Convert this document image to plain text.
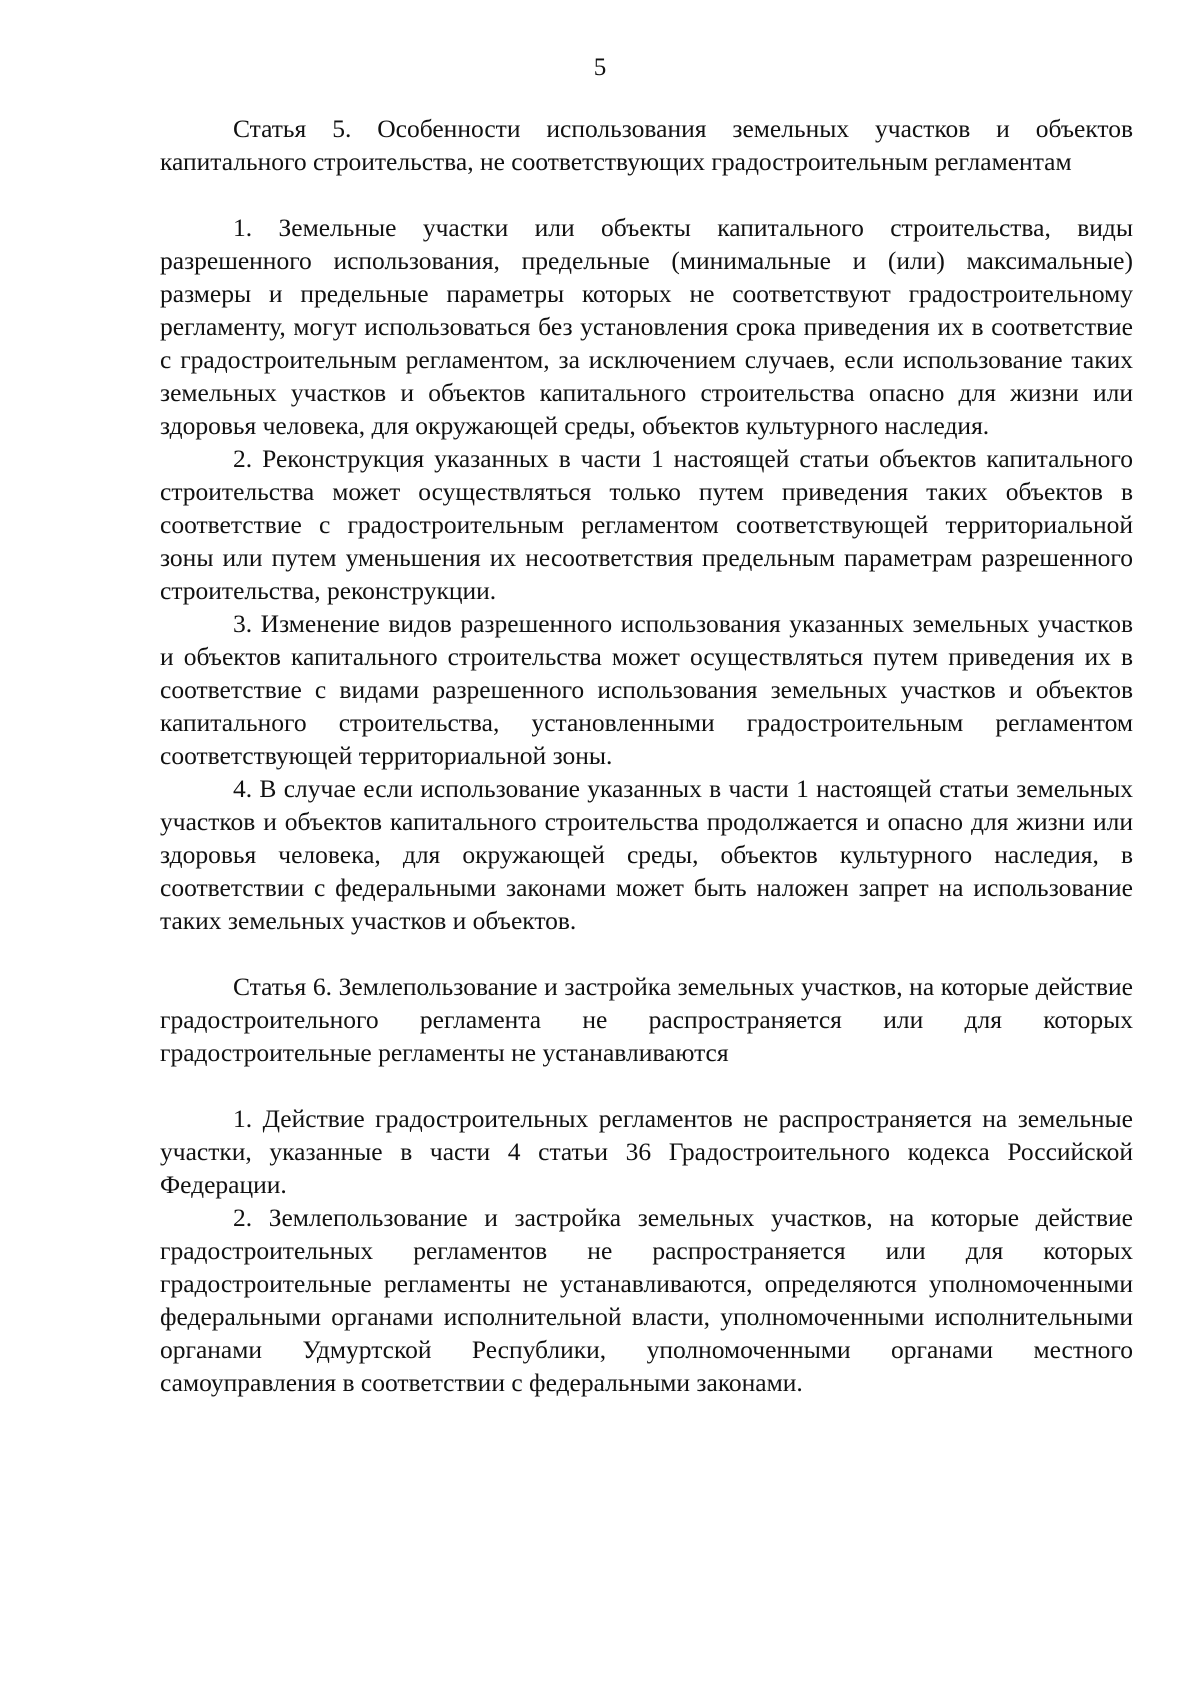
5

Статья 5. Особенности использования земельных участков и объектов капитального строительства, не соответствующих градостроительным регламентам

1. Земельные участки или объекты капитального строительства, виды разрешенного использования, предельные (минимальные и (или) максимальные) размеры и предельные параметры которых не соответствуют градостроительному регламенту, могут использоваться без установления срока приведения их в соответствие с градостроительным регламентом, за исключением случаев, если использование таких земельных участков и объектов капитального строительства опасно для жизни или здоровья человека, для окружающей среды, объектов культурного наследия.

2. Реконструкция указанных в части 1 настоящей статьи объектов капитального строительства может осуществляться только путем приведения таких объектов в соответствие с градостроительным регламентом соответствующей территориальной зоны или путем уменьшения их несоответствия предельным параметрам разрешенного строительства, реконструкции.

3. Изменение видов разрешенного использования указанных земельных участков и объектов капитального строительства может осуществляться путем приведения их в соответствие с видами разрешенного использования земельных участков и объектов капитального строительства, установленными градостроительным регламентом соответствующей территориальной зоны.

4. В случае если использование указанных в части 1 настоящей статьи земельных участков и объектов капитального строительства продолжается и опасно для жизни или здоровья человека, для окружающей среды, объектов культурного наследия, в соответствии с федеральными законами может быть наложен запрет на использование таких земельных участков и объектов.

Статья 6. Землепользование и застройка земельных участков, на которые действие градостроительного регламента не распространяется или для которых градостроительные регламенты не устанавливаются

1. Действие градостроительных регламентов не распространяется на земельные участки, указанные в части 4 статьи 36 Градостроительного кодекса Российской Федерации.

2. Землепользование и застройка земельных участков, на которые действие градостроительных регламентов не распространяется или для которых градостроительные регламенты не устанавливаются, определяются уполномоченными федеральными органами исполнительной власти, уполномоченными исполнительными органами Удмуртской Республики, уполномоченными органами местного самоуправления в соответствии с федеральными законами.
